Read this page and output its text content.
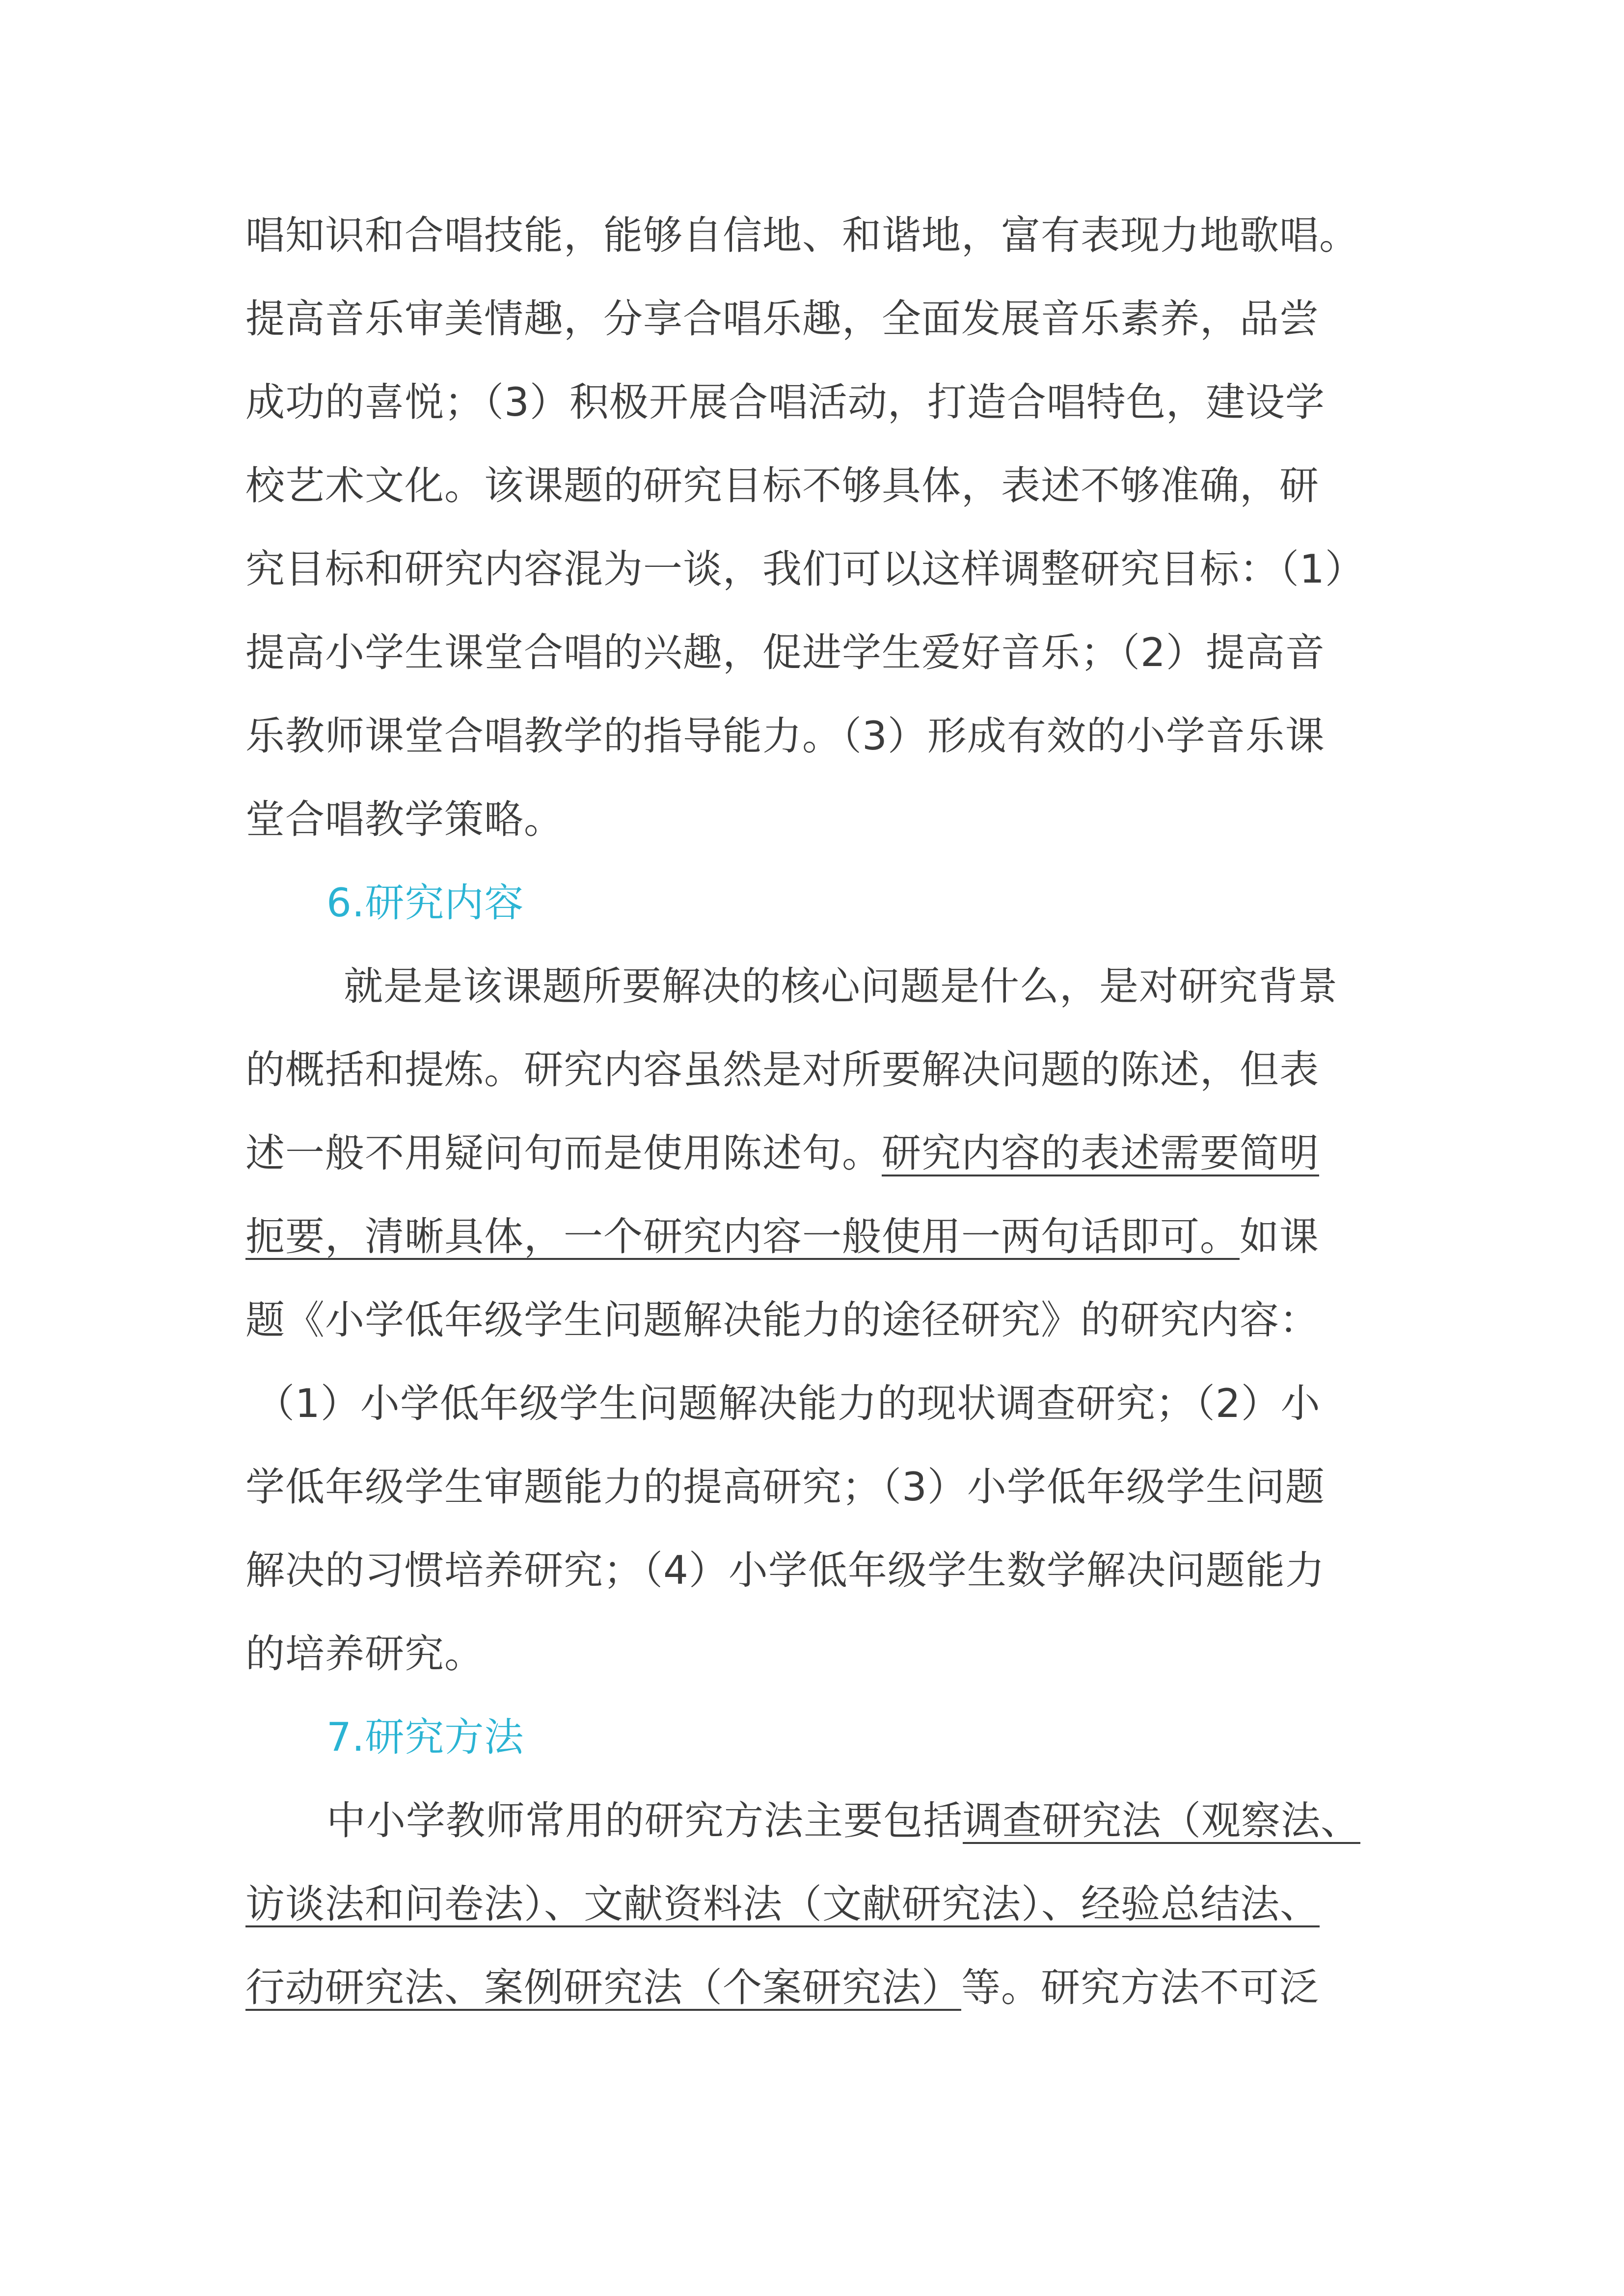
唱知识和合唱技能，能够自信地、和谐地，富有表现力地歌唱。
提高音乐审美情趣，分享合唱乐趣，全面发展音乐素养，品尝
成功的喜悦；（3）积极开展合唱活动，打造合唱特色，建设学
校艺术文化。该课题的研究目标不够具体，表述不够准确，研
究目标和研究内容混为一谈，我们可以这样调整研究目标：（1）
提高小学生课堂合唱的兴趣，促进学生爱好音乐；（2）提高音
乐教师课堂合唱教学的指导能力。（3）形成有效的小学音乐课
堂合唱教学策略。
6.研究内容
就是是该课题所要解决的核心问题是什么，是对研究背景
的概括和提炼。研究内容虽然是对所要解决问题的陈述，但表
述一般不用疑问句而是使用陈述句。研究内容的表述需要简明
扼要，清晰具体，一个研究内容一般使用一两句话即可。如课
题《小学低年级学生问题解决能力的途径研究》的研究内容：
（1）小学低年级学生问题解决能力的现状调查研究；（2）小
学低年级学生审题能力的提高研究；（3）小学低年级学生问题
解决的习惯培养研究；（4）小学低年级学生数学解决问题能力
的培养研究。
7.研究方法
中小学教师常用的研究方法主要包括调查研究法（观察法、
访谈法和问卷法）、文献资料法（文献研究法）、经验总结法、
行动研究法、案例研究法（个案研究法）等。研究方法不可泛
